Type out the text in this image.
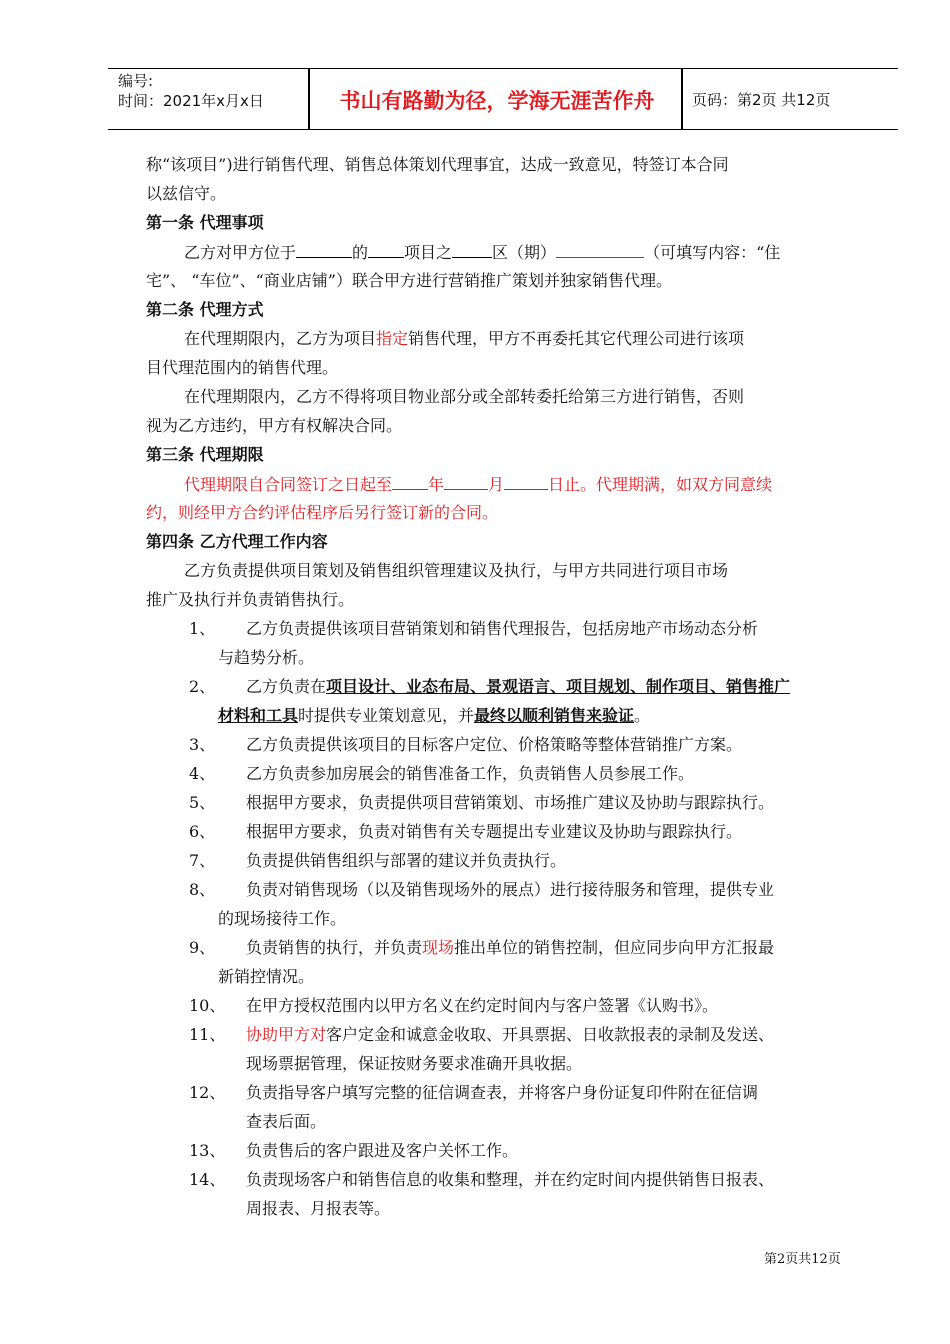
编号:
时间：2021年x月x日	书山有路勤为径，学海无涯苦作舟	页码：第2页 共12页
称“该项目”)进行销售代理、销售总体策划代理事宜，达成一致意见，特签订本合同
以兹信守。
第一条 代理事项
乙方对甲方位于	的 项目之	区（期）	（可填写内容：“住
宅”、 “车位”、“商业店铺”）联合甲方进行营销推广策划并独家销售代理。
第二条 代理方式
在代理期限内，乙方为项目指定销售代理，甲方不再委托其它代理公司进行该项
目代理范围内的销售代理。
在代理期限内，乙方不得将项目物业部分或全部转委托给第三方进行销售，否则
视为乙方违约，甲方有权解决合同。
第三条 代理期限
代理期限自合同签订之日起至 年	月	日止。代理期满，如双方同意续
约，则经甲方合约评估程序后另行签订新的合同。
第四条 乙方代理工作内容
乙方负责提供项目策划及销售组织管理建议及执行，与甲方共同进行项目市场
推广及执行并负责销售执行。
1、 乙方负责提供该项目营销策划和销售代理报告，包括房地产市场动态分析
与趋势分析。
2、 乙方负责在项目设计、业态布局、景观语言、项目规划、制作项目、销售推广
材料和工具时提供专业策划意见，并最终以顺利销售来验证。
3、 乙方负责提供该项目的目标客户定位、价格策略等整体营销推广方案。
4、 乙方负责参加房展会的销售准备工作，负责销售人员参展工作。
5、 根据甲方要求，负责提供项目营销策划、市场推广建议及协助与跟踪执行。
6、 根据甲方要求，负责对销售有关专题提出专业建议及协助与跟踪执行。
7、 负责提供销售组织与部署的建议并负责执行。
8、 负责对销售现场（以及销售现场外的展点）进行接待服务和管理，提供专业
的现场接待工作。
9、 负责销售的执行，并负责现场推出单位的销售控制，但应同步向甲方汇报最
新销控情况。
10、 在甲方授权范围内以甲方名义在约定时间内与客户签署《认购书》。
11、 协助甲方对客户定金和诚意金收取、开具票据、日收款报表的录制及发送、
现场票据管理，保证按财务要求准确开具收据。
12、 负责指导客户填写完整的征信调查表，并将客户身份证复印件附在征信调
查表后面。
13、 负责售后的客户跟进及客户关怀工作。
14、 负责现场客户和销售信息的收集和整理，并在约定时间内提供销售日报表、
周报表、月报表等。
第2页共12页
